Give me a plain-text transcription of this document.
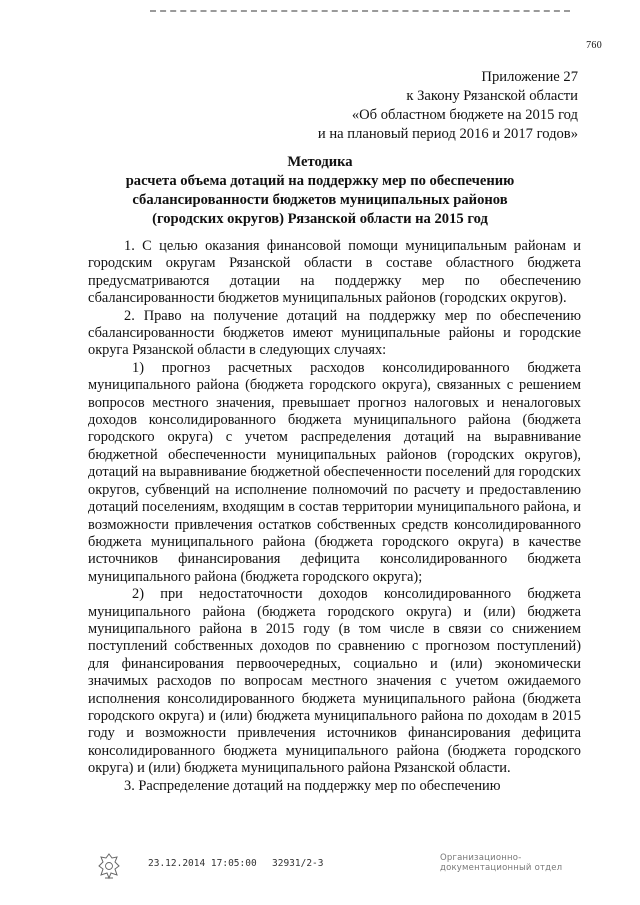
760
Приложение 27
к Закону Рязанской области
«Об областном бюджете на 2015 год
и на плановый период 2016 и 2017 годов»
Методика
расчета объема дотаций на поддержку мер по обеспечению
сбалансированности бюджетов муниципальных районов
(городских округов) Рязанской области на 2015 год

1. С целью оказания финансовой помощи муниципальным районам и городским округам Рязанской области в составе областного бюджета предусматриваются дотации на поддержку мер по обеспечению сбалансированности бюджетов муниципальных районов (городских округов).

2. Право на получение дотаций на поддержку мер по обеспечению сбалансированности бюджетов имеют муниципальные районы и городские округа Рязанской области в следующих случаях:

1) прогноз расчетных расходов консолидированного бюджета муниципального района (бюджета городского округа), связанных с решением вопросов местного значения, превышает прогноз налоговых и неналоговых доходов консолидированного бюджета муниципального района (бюджета городского округа) с учетом распределения дотаций на выравнивание бюджетной обеспеченности муниципальных районов (городских округов), дотаций на выравнивание бюджетной обеспеченности поселений для городских округов, субвенций на исполнение полномочий по расчету и предоставлению дотаций поселениям, входящим в состав территории муниципального района, и возможности привлечения остатков собственных средств консолидированного бюджета муниципального района (бюджета городского округа) в качестве источников финансирования дефицита консолидированного бюджета муниципального района (бюджета городского округа);

2) при недостаточности доходов консолидированного бюджета муниципального района (бюджета городского округа) и (или) бюджета муниципального района в 2015 году (в том числе в связи со снижением поступлений собственных доходов по сравнению с прогнозом поступлений) для финансирования первоочередных, социально и (или) экономически значимых расходов по вопросам местного значения с учетом ожидаемого исполнения консолидированного бюджета муниципального района (бюджета городского округа) и (или) бюджета муниципального района по доходам в 2015 году и возможности привлечения источников финансирования дефицита консолидированного бюджета муниципального района (бюджета городского округа) и (или) бюджета муниципального района Рязанской области.

3. Распределение дотаций на поддержку мер по обеспечению

23.12.2014 17:05:00 32931/2-3	Организационно-
документационный отдел
